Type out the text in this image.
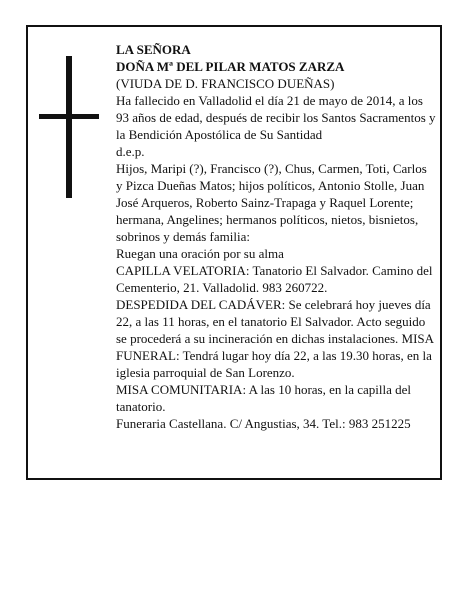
LA SEÑORA

DOÑA Mª DEL PILAR MATOS ZARZA

(VIUDA DE D. FRANCISCO DUEÑAS)

Ha fallecido en Valladolid el día 21 de mayo de 2014, a los 93 años de edad, después de recibir los Santos Sacramentos y la Bendición Apostólica de Su Santidad

d.e.p.

Hijos, Maripi (?), Francisco (?), Chus, Carmen, Toti, Carlos y Pizca Dueñas Matos; hijos políticos, Antonio Stolle, Juan José Arqueros, Roberto Sainz-Trapaga y Raquel Lorente; hermana, Angelines; hermanos políticos, nietos, bisnietos, sobrinos y demás familia:

Ruegan una oración por su alma

CAPILLA VELATORIA: Tanatorio El Salvador. Camino del Cementerio, 21. Valladolid. 983 260722.

DESPEDIDA DEL CADÁVER: Se celebrará hoy jueves día 22, a las 11 horas, en el tanatorio El Salvador. Acto seguido se procederá a su incineración en dichas instalaciones. MISA FUNERAL: Tendrá lugar hoy día 22, a las 19.30 horas, en la iglesia parroquial de San Lorenzo.

MISA COMUNITARIA: A las 10 horas, en la capilla del tanatorio.

Funeraria Castellana. C/ Angustias, 34. Tel.: 983 251225
